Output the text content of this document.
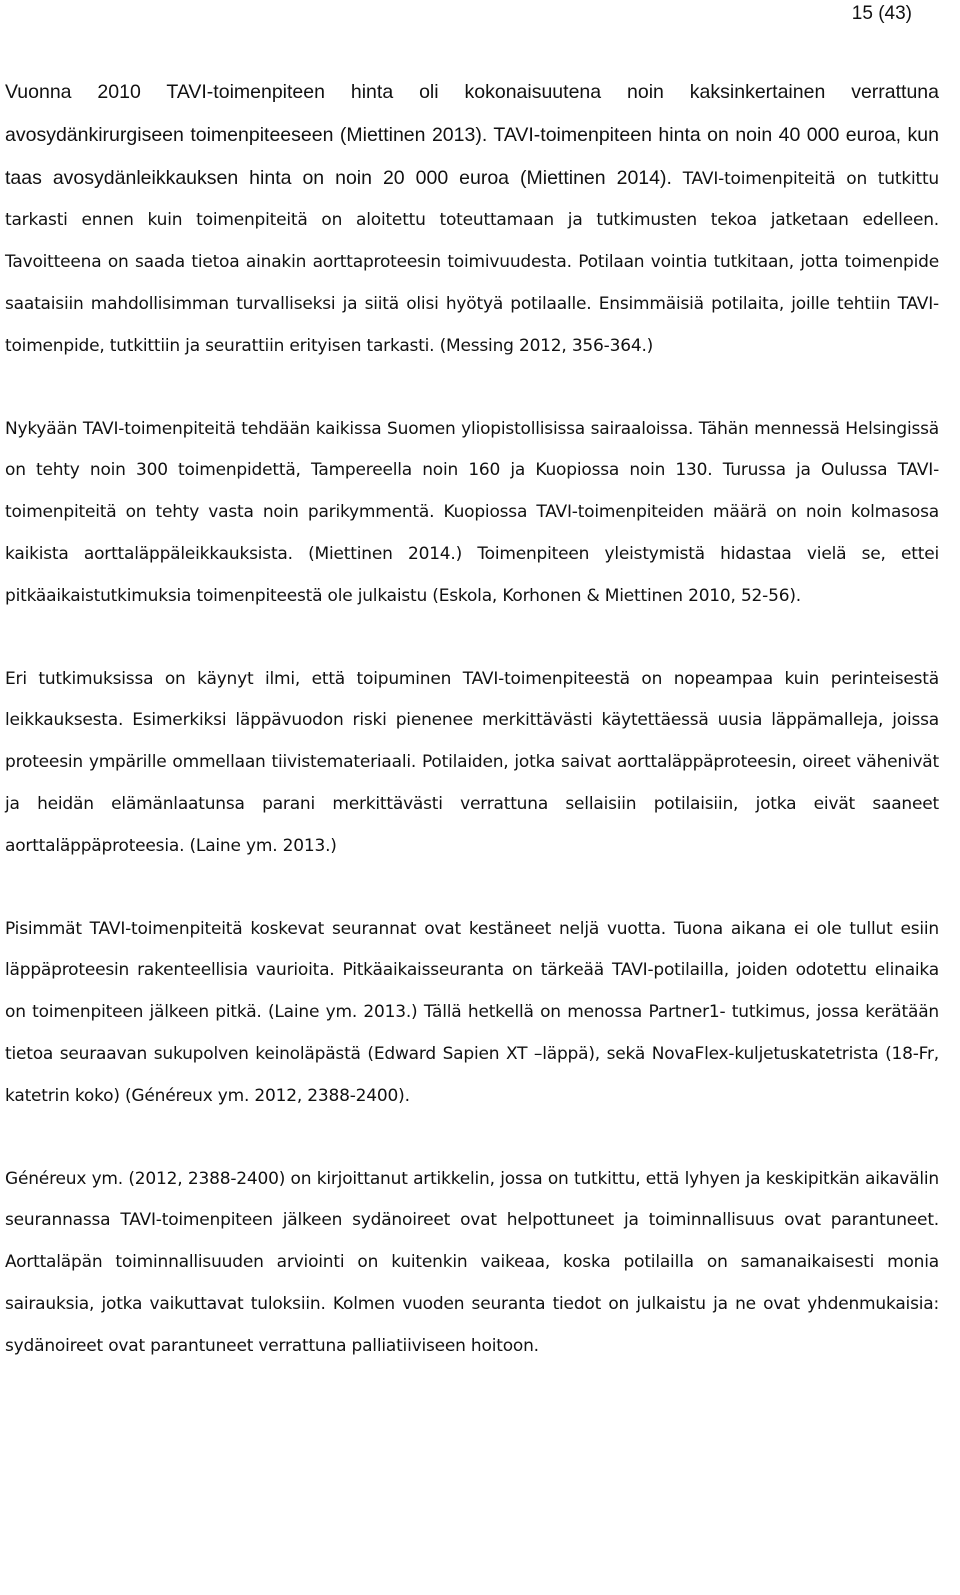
15 (43)

Vuonna 2010 TAVI-toimenpiteen hinta oli kokonaisuutena noin kaksinkertainen verrattuna avosydänkirurgiseen toimenpiteeseen (Miettinen 2013). TAVI-toimenpiteen hinta on noin 40 000 euroa, kun taas avosydänleikkauksen hinta on noin 20 000 euroa (Miettinen 2014). TAVI-toimenpiteitä on tutkittu tarkasti ennen kuin toimenpiteitä on aloitettu toteuttamaan ja tutkimusten tekoa jatketaan edelleen. Tavoitteena on saada tietoa ainakin aorttaproteesin toimivuudesta. Potilaan vointia tutkitaan, jotta toimenpide saataisiin mahdollisimman turvalliseksi ja siitä olisi hyötyä potilaalle. Ensimmäisiä potilaita, joille tehtiin TAVI-toimenpide, tutkittiin ja seurattiin erityisen tarkasti. (Messing 2012, 356-364.)

Nykyään TAVI-toimenpiteitä tehdään kaikissa Suomen yliopistollisissa sairaaloissa. Tähän mennessä Helsingissä on tehty noin 300 toimenpidettä, Tampereella noin 160 ja Kuopiossa noin 130. Turussa ja Oulussa TAVI-toimenpiteitä on tehty vasta noin parikymmentä. Kuopiossa TAVI-toimenpiteiden määrä on noin kolmasosa kaikista aorttaläppäleikkauksista. (Miettinen 2014.) Toimenpiteen yleistymistä hidastaa vielä se, ettei pitkäaikaistutkimuksia toimenpiteestä ole julkaistu (Eskola, Korhonen & Miettinen 2010, 52-56).

Eri tutkimuksissa on käynyt ilmi, että toipuminen TAVI-toimenpiteestä on nopeampaa kuin perinteisestä leikkauksesta. Esimerkiksi läppävuodon riski pienenee merkittävästi käytettäessä uusia läppämalleja, joissa proteesin ympärille ommellaan tiivistemateriaali. Potilaiden, jotka saivat aorttaläppäproteesin, oireet vähenivät ja heidän elämänlaatunsa parani merkittävästi verrattuna sellaisiin potilaisiin, jotka eivät saaneet aorttaläppäproteesia. (Laine ym. 2013.)

Pisimmät TAVI-toimenpiteitä koskevat seurannat ovat kestäneet neljä vuotta. Tuona aikana ei ole tullut esiin läppäproteesin rakenteellisia vaurioita. Pitkäaikaisseuranta on tärkeää TAVI-potilailla, joiden odotettu elinaika on toimenpiteen jälkeen pitkä. (Laine ym. 2013.) Tällä hetkellä on menossa Partner1- tutkimus, jossa kerätään tietoa seuraavan sukupolven keinoläpästä (Edward Sapien XT –läppä), sekä NovaFlex-kuljetuskatetrista (18-Fr, katetrin koko) (Généreux ym. 2012, 2388-2400).

Généreux ym. (2012, 2388-2400) on kirjoittanut artikkelin, jossa on tutkittu, että lyhyen ja keskipitkän aikavälin seurannassa TAVI-toimenpiteen jälkeen sydänoireet ovat helpottuneet ja toiminnallisuus ovat parantuneet. Aorttaläpän toiminnallisuuden arviointi on kuitenkin vaikeaa, koska potilailla on samanaikaisesti monia sairauksia, jotka vaikuttavat tuloksiin. Kolmen vuoden seuranta tiedot on julkaistu ja ne ovat yhdenmukaisia: sydänoireet ovat parantuneet verrattuna palliatiiviseen hoitoon.
